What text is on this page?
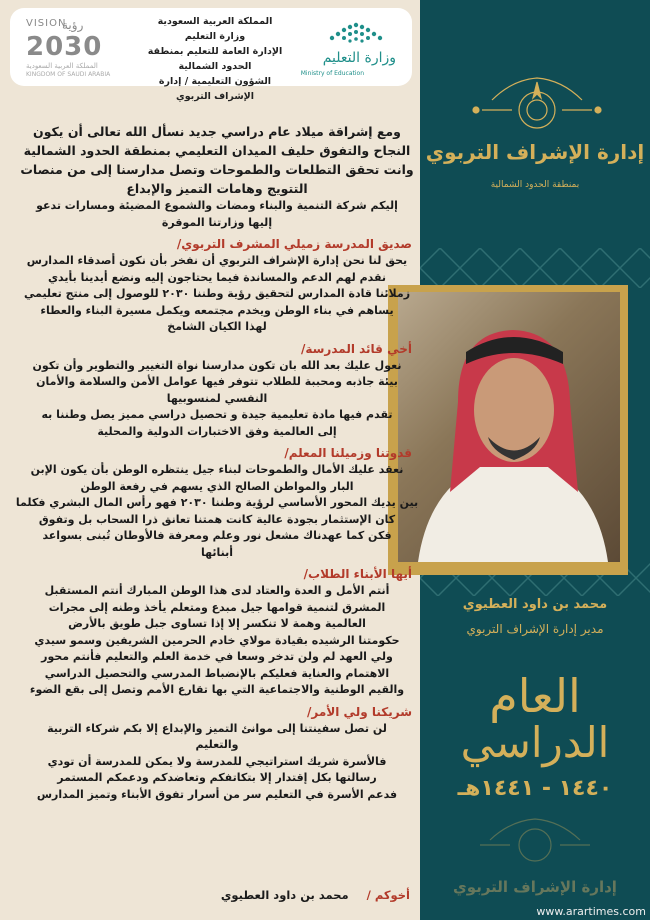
VISION
رؤية
2030
المملكة العربية السعودية
KINGDOM OF SAUDI ARABIA
المملكة العربية السعودية
وزارة التعليم
الإدارة العامة للتعليم بمنطقة الحدود الشمالية
الشؤون التعليمية / إدارة الإشراف التربوي
وزارة التعليم
Ministry of Education
إدارة الإشراف التربوي
بمنطقة الحدود الشمالية
إدارة الإشراف التربوي
محمد بن داود العطيوي
مدير إدارة الإشراف التربوي
العام
الدراسي
١٤٤٠ - ١٤٤١هـ
www.arartimes.com
ومع إشراقة ميلاد عام دراسي جديد نسأل الله تعالى أن يكون
النجاح والتفوق حليف الميدان التعليمي بمنطقة الحدود الشمالية
وانت تحقق التطلعات والطموحات وتصل مدارسنا إلى من منصات
التتويج وهامات التميز والإبداع
إليكم شركة التنمية والبناء ومضات والشموع المضيئة ومسارات تدعو
إليها وزارتنا الموقرة
صديق المدرسة زميلي المشرف التربوي/
يحق لنا نحن إدارة الإشراف التربوي أن نفخر بأن نكون أصدقاء المدارس
نقدم لهم الدعم والمساندة فيما يحتاجون إليه ونضع أيدينا بأيدي
زملائنا قادة المدارس لتحقيق رؤية وطننا ٢٠٣٠ للوصول إلى منتج تعليمي
يساهم في بناء الوطن ويخدم مجتمعه ويكمل مسيرة البناء والعطاء
لهذا الكيان الشامخ
أخي قائد المدرسة/
نعول عليك بعد الله بان تكون مدارسنا نواة التغيير والتطوير وأن تكون
بيئة جاذبه ومحببة للطلاب تتوفر فيها عوامل الأمن والسلامة والأمان
النفسي لمنسوبيها
تقدم فيها مادة تعليمية جيدة و تحصيل دراسي مميز يصل وطننا به
إلى العالمية وفق الاختبارات الدولية والمحلية
قدوتنا وزميلنا المعلم/
نعقد عليك الأمال والطموحات لبناء جيل ينتظره الوطن بأن يكون الإبن
البار والمواطن الصالح الذي يسهم في رفعة الوطن
بين يديك المحور الأساسي لرؤية وطننا ٢٠٣٠ فهو رأس المال البشري فكلما
كان الإستثمار بجودة عالية كانت همتنا تعانق ذرا السحاب بل وتفوق
فكن كما عهدناك مشعل نور وعلم ومعرفة فالأوطان تُبنى بسواعد
أبنائها
أيها الأبناء الطلاب/
أنتم الأمل و العدة والعتاد لدى هذا الوطن المبارك أنتم المستقبل
المشرق لتنمية قوامها جيل مبدع ومتعلم يأخذ وطنه إلى مجرات
العالمية وهمة لا تنكسر إلا إذا تساوى جبل طويق بالأرض
حكومتنا الرشيده بقيادة مولاي خادم الحرمين الشريفين وسمو سيدي
ولي العهد لم ولن تدخر وسعا في خدمة العلم والتعليم فأنتم محور
الاهتمام والعناية فعليكم بالإنضباط المدرسي والتحصيل الدراسي
والقيم الوطنية والاجتماعية التي بها تقارع الأمم وتصل إلى بقع الضوء
شريكنا ولي الأمر/
لن تصل سفينتنا إلى موانئ التميز والإبداع إلا بكم شركاء التربية
والتعليم
فالأسرة شريك استراتيجي للمدرسة ولا يمكن للمدرسة أن تودي
رسالتها بكل إقتدار إلا بتكاتفكم وتعاضدكم ودعمكم المستمر
فدعم الأسرة في التعليم سر من أسرار تفوق الأبناء وتميز المدارس
أخوكم / محمد بن داود العطيوي
